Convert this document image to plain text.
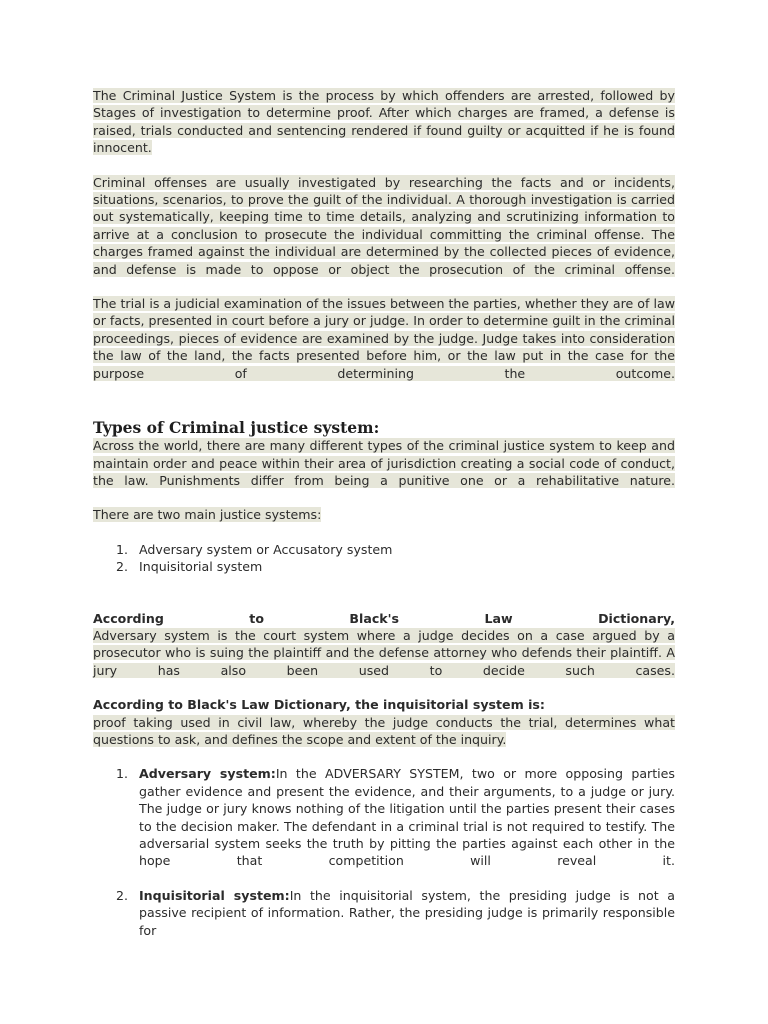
The Criminal Justice System is the process by which offenders are arrested, followed by Stages of investigation to determine proof. After which charges are framed, a defense is raised, trials conducted and sentencing rendered if found guilty or acquitted if he is found innocent.

Criminal offenses are usually investigated by researching the facts and or incidents, situations, scenarios, to prove the guilt of the individual. A thorough investigation is carried out systematically, keeping time to time details, analyzing and scrutinizing information to arrive at a conclusion to prosecute the individual committing the criminal offense. The charges framed against the individual are determined by the collected pieces of evidence, and defense is made to oppose or object the prosecution of the criminal offense.

The trial is a judicial examination of the issues between the parties, whether they are of law or facts, presented in court before a jury or judge. In order to determine guilt in the criminal proceedings, pieces of evidence are examined by the judge. Judge takes into consideration the law of the land, the facts presented before him, or the law put in the case for the purpose of determining the outcome.

Types of Criminal justice system:

Across the world, there are many different types of the criminal justice system to keep and maintain order and peace within their area of jurisdiction creating a social code of conduct, the law. Punishments differ from being a punitive one or a rehabilitative nature.

There are two main justice systems:

1. Adversary system or Accusatory system
2. Inquisitorial system

According to Black's Law Dictionary,
Adversary system is the court system where a judge decides on a case argued by a prosecutor who is suing the plaintiff and the defense attorney who defends their plaintiff. A jury has also been used to decide such cases.

According to Black's Law Dictionary, the inquisitorial system is:
proof taking used in civil law, whereby the judge conducts the trial, determines what questions to ask, and defines the scope and extent of the inquiry.

1. Adversary system:In the ADVERSARY SYSTEM, two or more opposing parties gather evidence and present the evidence, and their arguments, to a judge or jury. The judge or jury knows nothing of the litigation until the parties present their cases to the decision maker. The defendant in a criminal trial is not required to testify. The adversarial system seeks the truth by pitting the parties against each other in the hope that competition will reveal it.
2. Inquisitorial system:In the inquisitorial system, the presiding judge is not a passive recipient of information. Rather, the presiding judge is primarily responsible for
